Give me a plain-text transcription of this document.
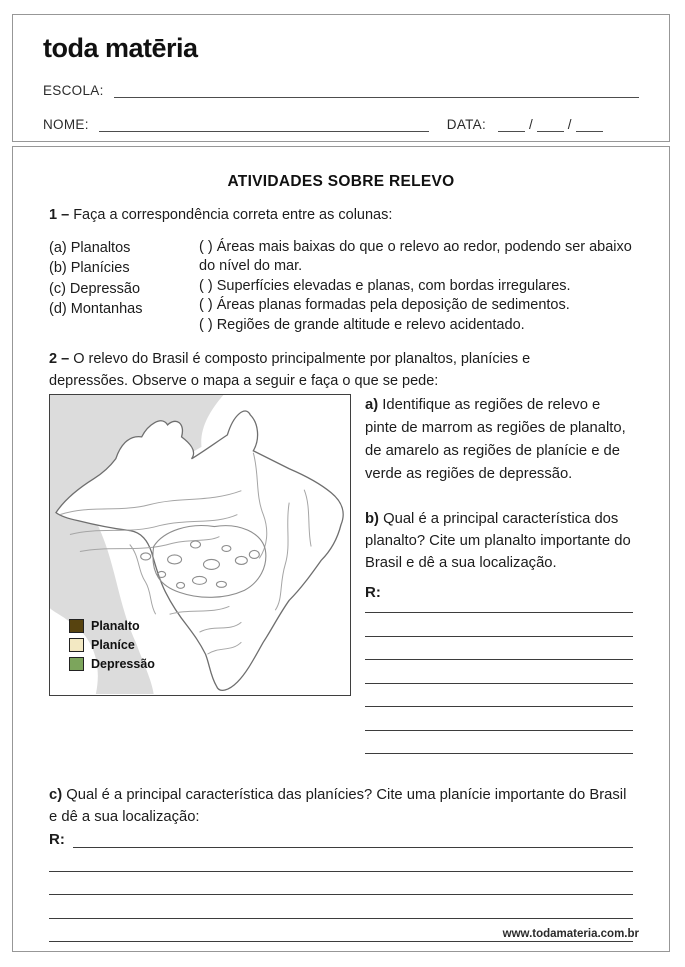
toda matēria
ESCOLA:
NOME:	DATA:	/	/
ATIVIDADES SOBRE RELEVO
1 – Faça a correspondência correta entre as colunas:
(a) Planaltos
(b) Planícies
(c) Depressão
(d) Montanhas
( ) Áreas mais baixas do que o relevo ao redor, podendo ser abaixo do nível do mar.
( ) Superfícies elevadas e planas, com bordas irregulares.
( ) Áreas planas formadas pela deposição de sedimentos.
( ) Regiões de grande altitude e relevo acidentado.
2 – O relevo do Brasil é composto principalmente por planaltos, planícies e depressões. Observe o mapa a seguir e faça o que se pede:
Planalto
Planíce
Depressão
a) Identifique as regiões de relevo e pinte de marrom as regiões de planalto, de amarelo as regiões de planície e de verde as regiões de depressão.
b) Qual é a principal característica dos planalto? Cite um planalto importante do Brasil e dê a sua localização.
R:
c) Qual é a principal característica das planícies? Cite uma planície importante do Brasil e dê a sua localização:
R:
www.todamateria.com.br
